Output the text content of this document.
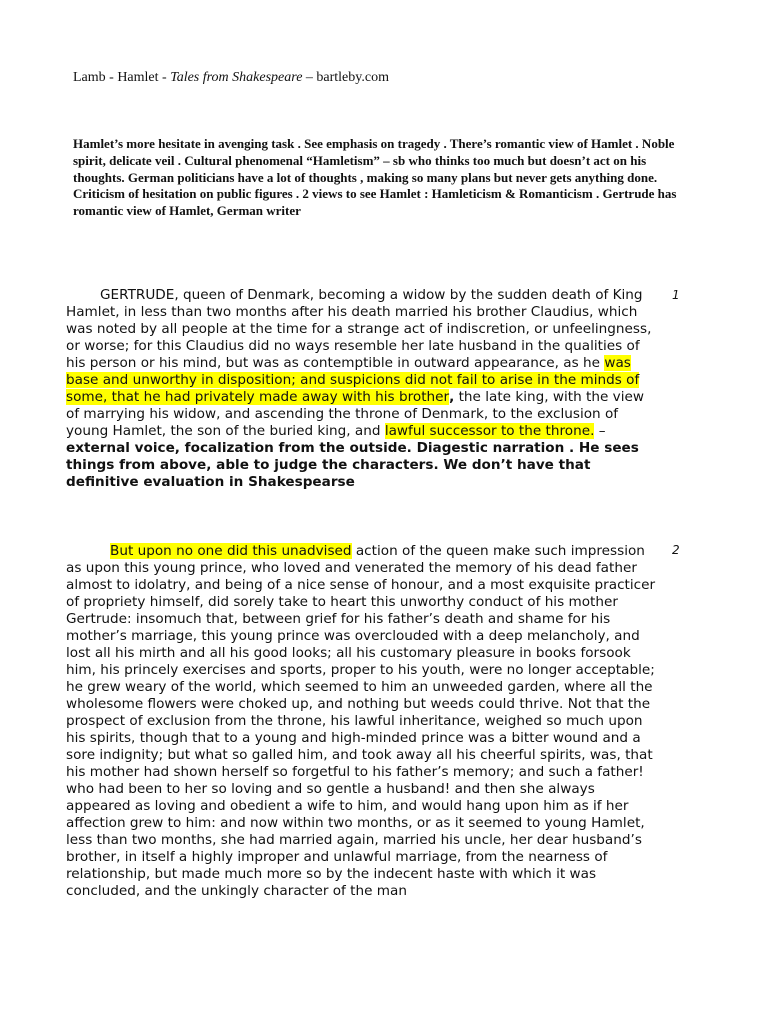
Lamb - Hamlet - Tales from Shakespeare – bartleby.com
Hamlet’s more hesitate in avenging task . See emphasis on tragedy . There’s romantic view of Hamlet . Noble spirit, delicate veil . Cultural phenomenal “Hamletism” – sb who thinks too much but doesn’t act on his thoughts. German politicians have a lot of thoughts , making so many plans but never gets anything done. Criticism of hesitation on public figures . 2 views to see Hamlet : Hamleticism & Romanticism . Gertrude has romantic view of Hamlet, German writer
1

GERTRUDE, queen of Denmark, becoming a widow by the sudden death of King Hamlet, in less than two months after his death married his brother Claudius, which was noted by all people at the time for a strange act of indiscretion, or unfeelingness, or worse; for this Claudius did no ways resemble her late husband in the qualities of his person or his mind, but was as contemptible in outward appearance, as he was base and unworthy in disposition; and suspicions did not fail to arise in the minds of some, that he had privately made away with his brother, the late king, with the view of marrying his widow, and ascending the throne of Denmark, to the exclusion of young Hamlet, the son of the buried king, and lawful successor to the throne. – external voice, focalization from the outside. Diagestic narration . He sees things from above, able to judge the characters. We don’t have that definitive evaluation in Shakespearse

2

But upon no one did this unadvised action of the queen make such impression as upon this young prince, who loved and venerated the memory of his dead father almost to idolatry, and being of a nice sense of honour, and a most exquisite practicer of propriety himself, did sorely take to heart this unworthy conduct of his mother Gertrude: insomuch that, between grief for his father’s death and shame for his mother’s marriage, this young prince was overclouded with a deep melancholy, and lost all his mirth and all his good looks; all his customary pleasure in books forsook him, his princely exercises and sports, proper to his youth, were no longer acceptable; he grew weary of the world, which seemed to him an unweeded garden, where all the wholesome flowers were choked up, and nothing but weeds could thrive. Not that the prospect of exclusion from the throne, his lawful inheritance, weighed so much upon his spirits, though that to a young and high-minded prince was a bitter wound and a sore indignity; but what so galled him, and took away all his cheerful spirits, was, that his mother had shown herself so forgetful to his father’s memory; and such a father! who had been to her so loving and so gentle a husband! and then she always appeared as loving and obedient a wife to him, and would hang upon him as if her affection grew to him: and now within two months, or as it seemed to young Hamlet, less than two months, she had married again, married his uncle, her dear husband’s brother, in itself a highly improper and unlawful marriage, from the nearness of relationship, but made much more so by the indecent haste with which it was concluded, and the unkingly character of the man
